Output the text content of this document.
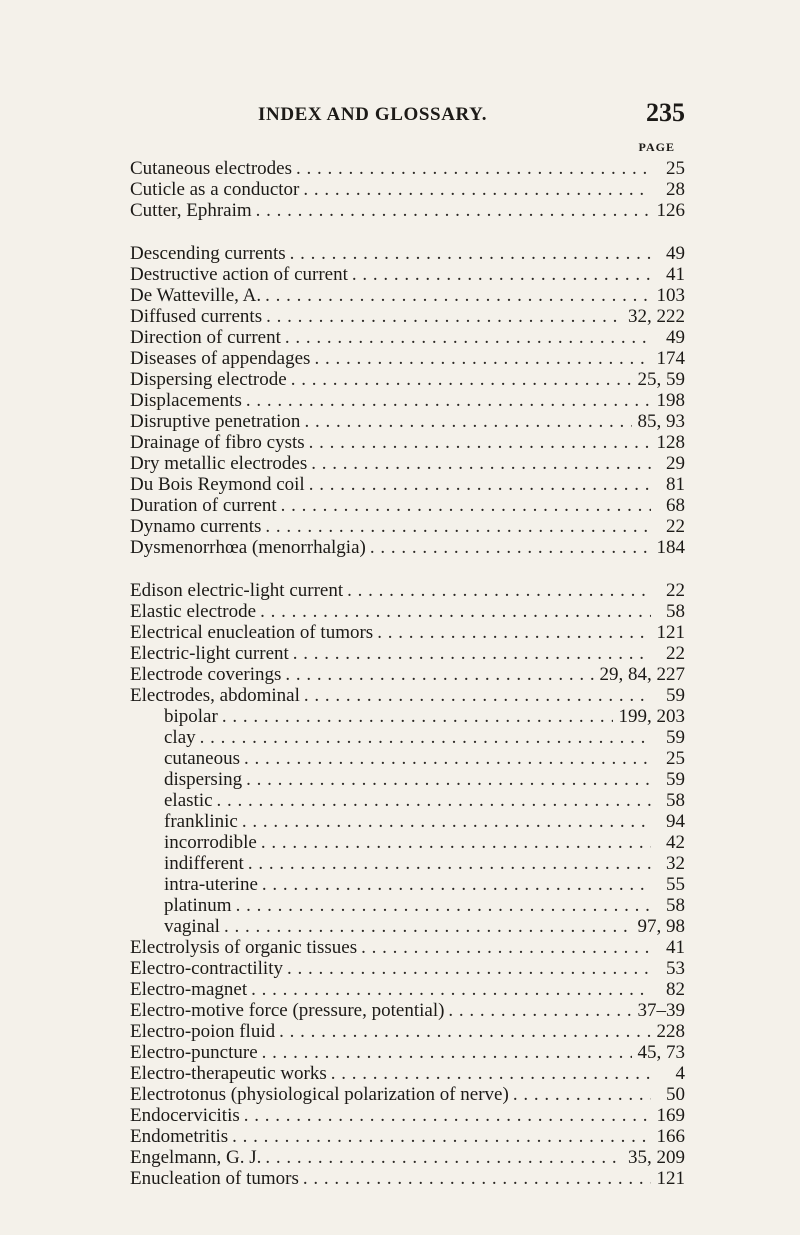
INDEX AND GLOSSARY.	235
PAGE
Cutaneous electrodes . . .	25
Cuticle as a conductor . . .	28
Cutter, Ephraim . . .	126
Descending currents . . .	49
Destructive action of current . . .	41
De Watteville, A. . . .	103
Diffused currents . . .	32, 222
Direction of current . . .	49
Diseases of appendages . . .	174
Dispersing electrode . . .	25, 59
Displacements . . .	198
Disruptive penetration . . .	85, 93
Drainage of fibro cysts . . .	128
Dry metallic electrodes . . .	29
Du Bois Reymond coil . . .	81
Duration of current . . .	68
Dynamo currents . . .	22
Dysmenorrhœa (menorrhalgia) . . .	184
Edison electric-light current . . .	22
Elastic electrode . . .	58
Electrical enucleation of tumors . . .	121
Electric-light current . . .	22
Electrode coverings . . .	29, 84, 227
Electrodes, abdominal . . .	59
bipolar . . .	199, 203
clay . . .	59
cutaneous . . .	25
dispersing . . .	59
elastic . . .	58
franklinic . . .	94
incorrodible . . .	42
indifferent . . .	32
intra-uterine . . .	55
platinum . . .	58
vaginal . . .	97, 98
Electrolysis of organic tissues . . .	41
Electro-contractility . . .	53
Electro-magnet . . .	82
Electro-motive force (pressure, potential) . . .	37–39
Electro-poion fluid . . .	228
Electro-puncture . . .	45, 73
Electro-therapeutic works . . .	4
Electrotonus (physiological polarization of nerve) . . .	50
Endocervicitis . . .	169
Endometritis . . .	166
Engelmann, G. J. . . .	35, 209
Enucleation of tumors . . .	121
